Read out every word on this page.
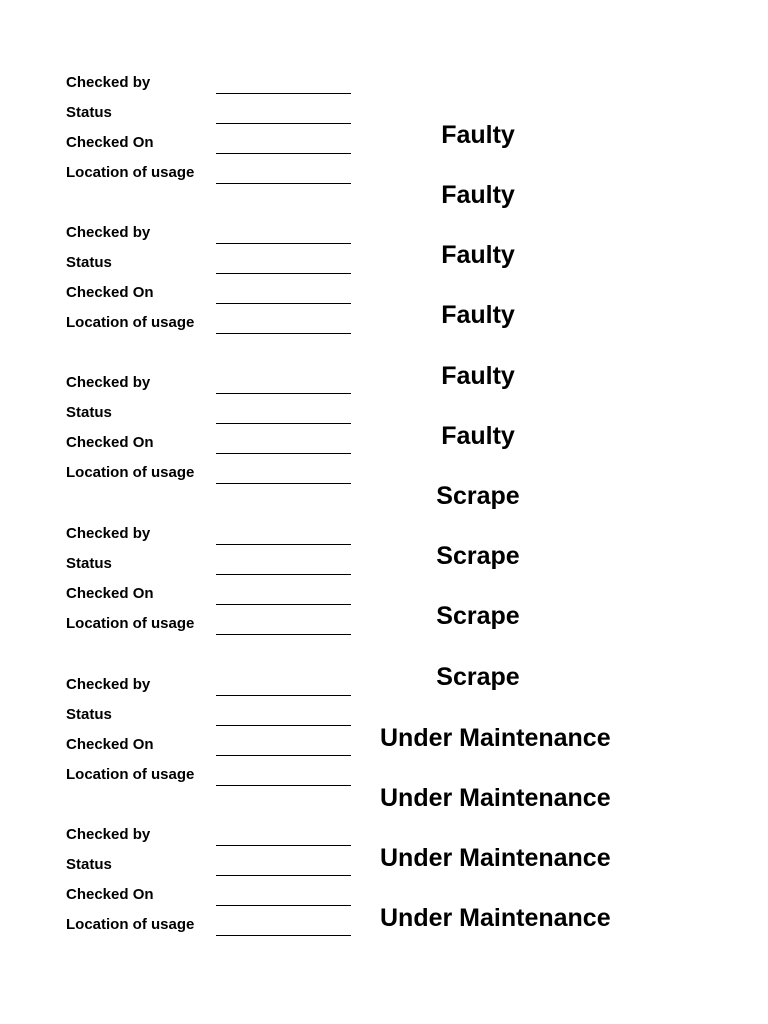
Checked by
Status
Checked On
Location of usage
Checked by
Status
Checked On
Location of usage
Checked by
Status
Checked On
Location of usage
Checked by
Status
Checked On
Location of usage
Checked by
Status
Checked On
Location of usage
Checked by
Status
Checked On
Location of usage
Faulty
Faulty
Faulty
Faulty
Faulty
Faulty
Scrape
Scrape
Scrape
Scrape
Under Maintenance
Under Maintenance
Under Maintenance
Under Maintenance
